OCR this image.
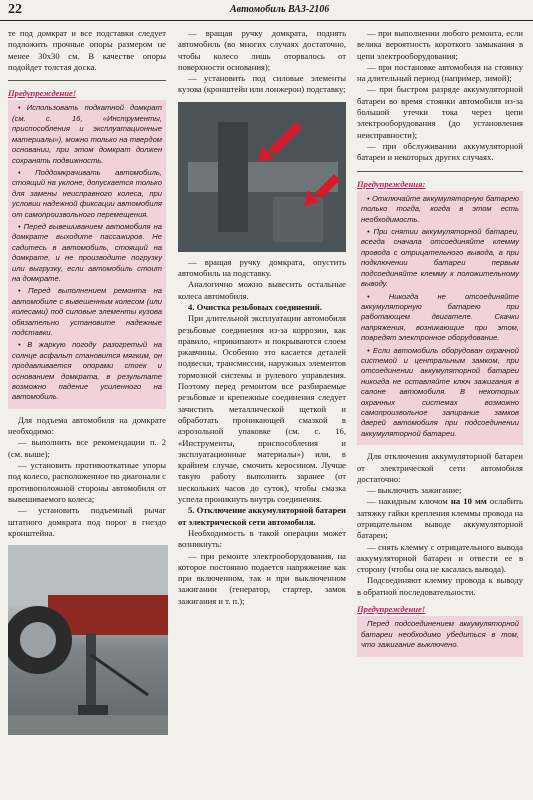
22	Автомобиль ВАЗ-2106

те под домкрат и все подставки следует подложить прочные опоры размером не менее 30х30 см. В качестве опоры подойдет толстая доска.

Предупреждение!
• Использовать подкатной домкрат (см. с. 16, «Инструменты, приспособления и эксплуатационные материалы»), можно только на твердом основании, при этом домкрат должен сохранять подвижность.
• Поддомкрачивать автомобиль, стоящий на уклоне, допускается только для замены неисправного колеса, при условии надежной фиксации автомобиля от самопроизвольного перемещения.
• Перед вывешиванием автомобиля на домкрате выходите пассажиров. Не садитесь в автомобиль, стоящий на домкрате, и не производите погрузку или выгрузку, если автомобиль стоит на домкрате.
• Перед выполнением ремонта на автомобиле с вывешенным колесом (или колесами) под силовые элементы кузова обязательно установите надежные подставки.
• В жаркую погоду разогретый на солнце асфальт становится мягким, он продавливается опорами стоек и основанием домкрата, в результате возможно падение усиленного на автомобиль.

Для подъема автомобиля на домкрате необходимо:

— выполнить все рекомендации п. 2 (см. выше);

— установить противооткатные упоры под колесо, расположенное по диагонали с противоположной стороны автомобиля от вывешиваемого колеса;

— установить подъемный рычаг штатного домкрата под порог в гнездо кронштейна.

— вращая ручку домкрата, поднять автомобиль (во многих случаях достаточно, чтобы колесо лишь оторвалось от поверхности основания);

— установить под силовые элементы кузова (кронштейн или лонжерон) подставку;

— вращая ручку домкрата, опустить автомобиль на подставку.

Аналогично можно вывесить остальные колеса автомобиля.

4. Очистка резьбовых соединений.

При длительной эксплуатации автомобиля резьбовые соединения из-за коррозии, как правило, «прикипают» и покрываются слоем ржавчины. Особенно это касается деталей подвески, трансмиссии, наружных элементов тормозной системы и рулевого управления. Поэтому перед ремонтом все разбираемые резьбовые и крепежные соединения следует зачистить металлической щеткой и обработать проникающей смазкой в аэрозольной упаковке (см. с. 16, «Инструменты, приспособления и эксплуатационные материалы») или, в крайнем случае, смочить керосином. Лучше такую работу выполнить заранее (от нескольких часов до суток), чтобы смазка успела проникнуть внутрь соединения.

5. Отключение аккумуляторной батареи от электрической сети автомобиля.

Необходимость в такой операции может возникнуть:

— при ремонте электрооборудования, на которое постоянно подается напряжение как при включенном, так и при выключенном зажигании (генератор, стартер, замок зажигания и т. п.);

— при выполнении любого ремонта, если велика вероятность короткого замыкания в цепи электрооборудования;

— при постановке автомобиля на стоянку на длительный период (например, зимой);

— при быстром разряде аккумуляторной батареи во время стоянки автомобиля из-за большой утечки тока через цепи электрооборудования (до установления неисправности);

— при обслуживании аккумуляторной батареи и некоторых других случаях.

Предупреждения:
• Отключайте аккумуляторную батарею только тогда, когда в этом есть необходимость.
• При снятии аккумуляторной батареи, всегда сначала отсоединяйте клемму провода с отрицательного вывода, а при подключении батареи первым подсоединяйте клемму к положительному выводу.
• Никогда не отсоединяйте аккумуляторную батарею при работающем двигателе. Скачки напряжения, возникающие при этом, повредят электронное оборудование.
• Если автомобиль оборудован охранной системой и центральным замком, при отсоединении аккумуляторной батареи никогда не оставляйте ключ зажигания в салоне автомобиля. В некоторых охранных системах возможно самопроизвольное запирание замков дверей автомобиля при подсоединении аккумуляторной батареи.

Для отключения аккумуляторной батареи от электрической сети автомобиля достаточно:

— выключить зажигание;

— накидным ключом на 10 мм ослабить затяжку гайки крепления клеммы провода на отрицательном выводе аккумуляторной батареи;

— снять клемму с отрицательного вывода аккумуляторной батареи и отвести ее в сторону (чтобы она не касалась вывода).

Подсоединяют клемму провода к выводу в обратной последовательности.

Предупреждение!
Перед подсоединением аккумуляторной батареи необходимо убедиться в том, что зажигание выключено.
